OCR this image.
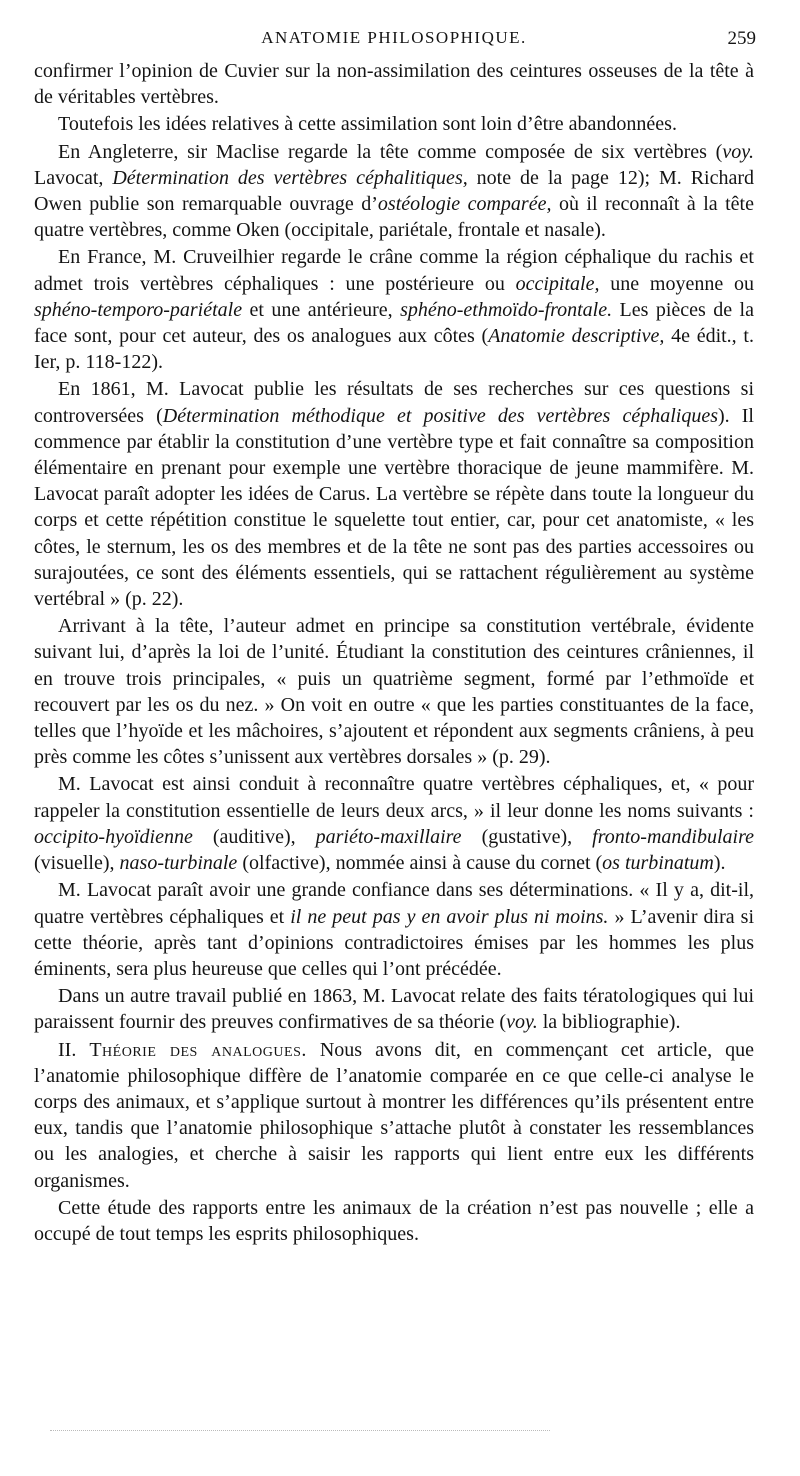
ANATOMIE PHILOSOPHIQUE.	259

confirmer l’opinion de Cuvier sur la non-assimilation des ceintures osseuses de la tête à de véritables vertèbres.

Toutefois les idées relatives à cette assimilation sont loin d’être abandonnées.

En Angleterre, sir Maclise regarde la tête comme composée de six vertèbres (voy. Lavocat, Détermination des vertèbres céphalitiques, note de la page 12); M. Richard Owen publie son remarquable ouvrage d’ostéologie comparée, où il reconnaît à la tête quatre vertèbres, comme Oken (occipitale, pariétale, frontale et nasale).

En France, M. Cruveilhier regarde le crâne comme la région céphalique du rachis et admet trois vertèbres céphaliques : une postérieure ou occipitale, une moyenne ou sphéno-temporo-pariétale et une antérieure, sphéno-ethmoïdo-frontale. Les pièces de la face sont, pour cet auteur, des os analogues aux côtes (Anatomie descriptive, 4e édit., t. Ier, p. 118-122).

En 1861, M. Lavocat publie les résultats de ses recherches sur ces questions si controversées (Détermination méthodique et positive des vertèbres céphaliques). Il commence par établir la constitution d’une vertèbre type et fait connaître sa composition élémentaire en prenant pour exemple une vertèbre thoracique de jeune mammifère. M. Lavocat paraît adopter les idées de Carus. La vertèbre se répète dans toute la longueur du corps et cette répétition constitue le squelette tout entier, car, pour cet anatomiste, « les côtes, le sternum, les os des membres et de la tête ne sont pas des parties accessoires ou surajoutées, ce sont des éléments essentiels, qui se rattachent régulièrement au système vertébral » (p. 22).

Arrivant à la tête, l’auteur admet en principe sa constitution vertébrale, évidente suivant lui, d’après la loi de l’unité. Étudiant la constitution des ceintures crâniennes, il en trouve trois principales, « puis un quatrième segment, formé par l’ethmoïde et recouvert par les os du nez. » On voit en outre « que les parties constituantes de la face, telles que l’hyoïde et les mâchoires, s’ajoutent et répondent aux segments crâniens, à peu près comme les côtes s’unissent aux vertèbres dorsales » (p. 29).

M. Lavocat est ainsi conduit à reconnaître quatre vertèbres céphaliques, et, « pour rappeler la constitution essentielle de leurs deux arcs, » il leur donne les noms suivants : occipito-hyoïdienne (auditive), pariéto-maxillaire (gustative), fronto-mandibulaire (visuelle), naso-turbinale (olfactive), nommée ainsi à cause du cornet (os turbinatum).

M. Lavocat paraît avoir une grande confiance dans ses déterminations. « Il y a, dit-il, quatre vertèbres céphaliques et il ne peut pas y en avoir plus ni moins. » L’avenir dira si cette théorie, après tant d’opinions contradictoires émises par les hommes les plus éminents, sera plus heureuse que celles qui l’ont précédée.

Dans un autre travail publié en 1863, M. Lavocat relate des faits tératologiques qui lui paraissent fournir des preuves confirmatives de sa théorie (voy. la bibliographie).

II. Théorie des analogues. Nous avons dit, en commençant cet article, que l’anatomie philosophique diffère de l’anatomie comparée en ce que celle-ci analyse le corps des animaux, et s’applique surtout à montrer les différences qu’ils présentent entre eux, tandis que l’anatomie philosophique s’attache plutôt à constater les ressemblances ou les analogies, et cherche à saisir les rapports qui lient entre eux les différents organismes.

Cette étude des rapports entre les animaux de la création n’est pas nouvelle ; elle a occupé de tout temps les esprits philosophiques.
